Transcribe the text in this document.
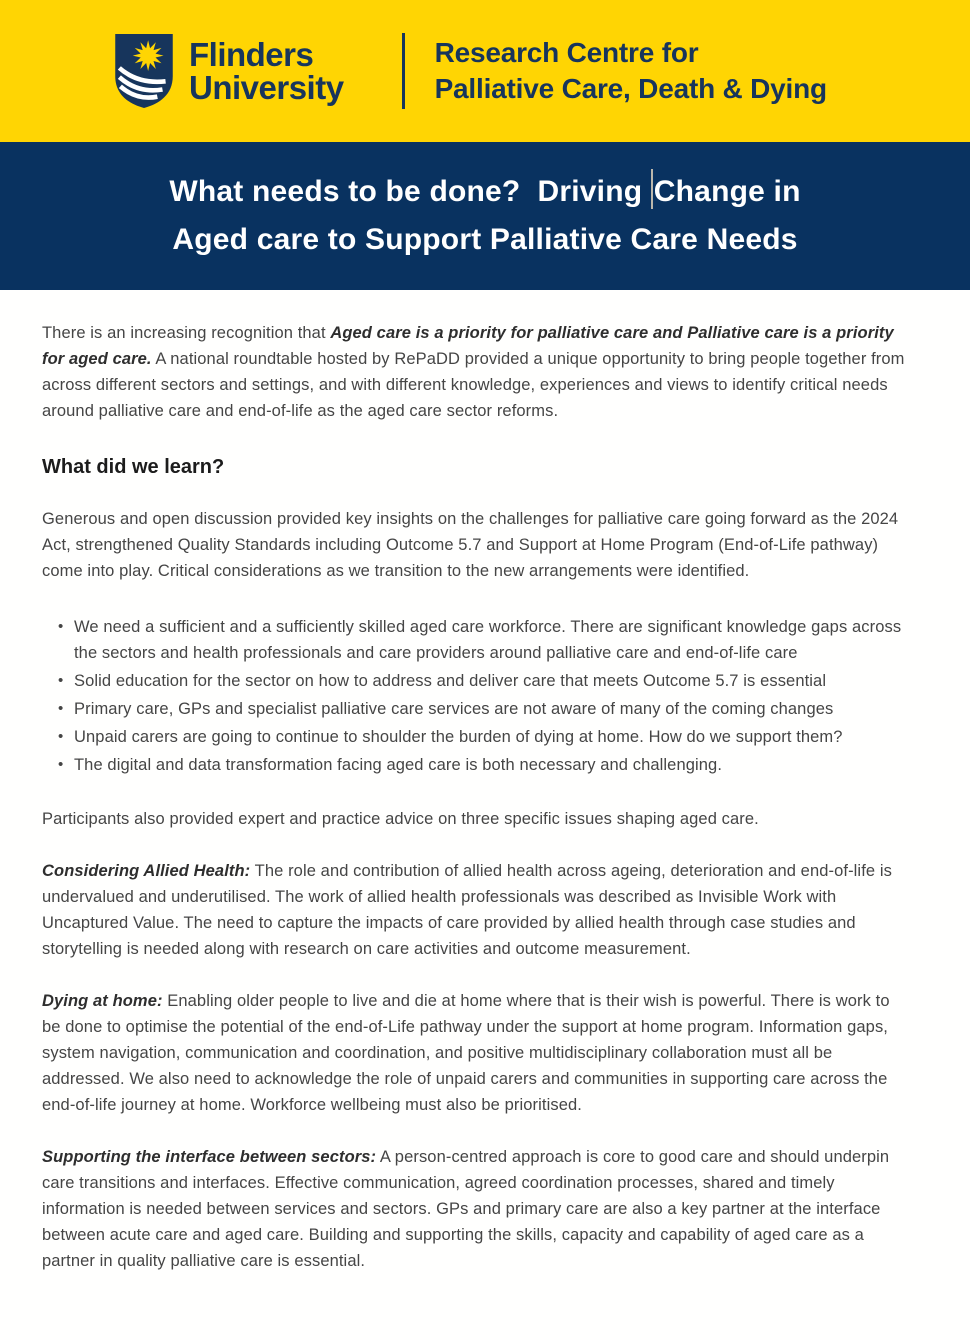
Flinders
University
Research Centre for
Palliative Care, Death & Dying
What needs to be done?  Driving Change in
Aged care to Support Palliative Care Needs

There is an increasing recognition that Aged care is a priority for palliative care and Palliative care is a priority for aged care. A national roundtable hosted by RePaDD provided a unique opportunity to bring people together from across different sectors and settings, and with different knowledge, experiences and views to identify critical needs around palliative care and end-of-life as the aged care sector reforms.

What did we learn?

Generous and open discussion provided key insights on the challenges for palliative care going forward as the 2024 Act, strengthened Quality Standards including Outcome 5.7 and Support at Home Program (End-of-Life pathway) come into play. Critical considerations as we transition to the new arrangements were identified.

• We need a sufficient and a sufficiently skilled aged care workforce. There are significant knowledge gaps across the sectors and health professionals and care providers around palliative care and end-of-life care
• Solid education for the sector on how to address and deliver care that meets Outcome 5.7 is essential
• Primary care, GPs and specialist palliative care services are not aware of many of the coming changes
• Unpaid carers are going to continue to shoulder the burden of dying at home. How do we support them?
• The digital and data transformation facing aged care is both necessary and challenging.

Participants also provided expert and practice advice on three specific issues shaping aged care.

Considering Allied Health: The role and contribution of allied health across ageing, deterioration and end-of-life is undervalued and underutilised. The work of allied health professionals was described as Invisible Work with Uncaptured Value. The need to capture the impacts of care provided by allied health through case studies and storytelling is needed along with research on care activities and outcome measurement.

Dying at home: Enabling older people to live and die at home where that is their wish is powerful. There is work to be done to optimise the potential of the end-of-Life pathway under the support at home program. Information gaps, system navigation, communication and coordination, and positive multidisciplinary collaboration must all be addressed. We also need to acknowledge the role of unpaid carers and communities in supporting care across the end-of-life journey at home. Workforce wellbeing must also be prioritised.

Supporting the interface between sectors: A person-centred approach is core to good care and should underpin care transitions and interfaces. Effective communication, agreed coordination processes, shared and timely information is needed between services and sectors. GPs and primary care are also a key partner at the interface between acute care and aged care. Building and supporting the skills, capacity and capability of aged care as a partner in quality palliative care is essential.
